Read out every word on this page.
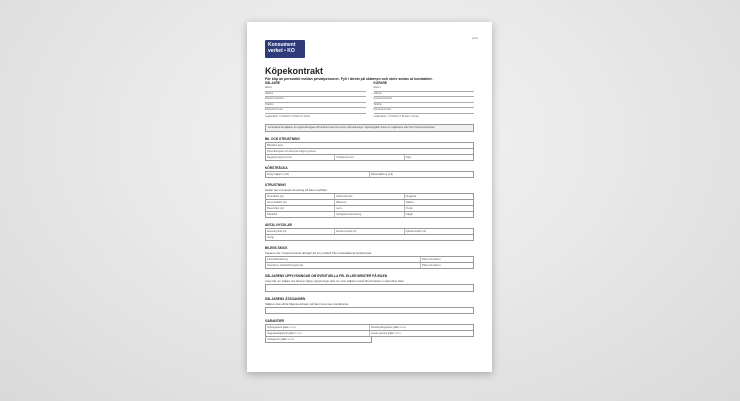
(1/2)
Konsument
verket • KO
Köpekontrakt
För köp av personbil mellan privatpersoner. Fyll i direkt på skärmen och skriv sedan ut kontraktet.
SÄLJARE
Namn
Adress
Postnummer/ort
Telefon
Personnummer
Legitimation: ☐ Körkort ☐ ID-kort ☐ Annat
KÖPARE
Namn
Adress
Postnummer/ort
Telefon
Personnummer
Legitimation: ☐ Körkort ☐ ID-kort ☐ Annat
Kontrollera att säljaren är registrerad ägare till fordonet samt kör korten på betalningen. Ägaruppgifter finner du i ägarbevis eller hos Transportstyrelsen.
BIL OCH UTRUSTNING
Bilmärke (typ)
Tillverkningsår och årsmod enligt reg.bevis
Registreringsnummer	Chassinummer	Färg
KÖRSTRÄCKA
Enligt säljaren (mil)	Mätarställning (mil)
UTRUSTNING
Nedan fast monterad utrustning på bilen medföljer.
Vinterdäck (st)	Motorvärmare	Dragkrok
Sommardäck (st)	Bilstereo	Takbox
Reservhjul (st)	Larm	Övrigt
Takräcke	Navigationsutrustning	Fälgar
ANTAL NYCKLAR
Huvudnyckel (st)	Reservnyckel (st)	Fjärrkontroller (st)
Övrigt
BILENS SKICK
Köparen har i förekommande fall tagit del av protokoll från nedanstående besiktningar:
Kontrollbesiktning:	Plats och datum:
Kontroll av testbesiktning/ovrigt:	Plats och datum:
SÄLJARENS UPPLYSNINGAR OM EVENTUELLA FEL ELLER BRISTER PÅ BILEN
Ange här om säljare inte lämnar några upplysningar eller om man säljaren nekat till att köparen undersöker bilen.
SÄLJARENS ÅTAGANDEN
Säljaren ska utföra följande arbeten på bilen innan den överlämnas.
GARANTIER
Nybilsgaranti gäller t.o.m.	Rostskyddsgaranti gäller t.o.m.
Vagnskadegaranti gäller t.o.m.	Annan garanti gäller t.o.m.
Lackgaranti gäller t.o.m.
